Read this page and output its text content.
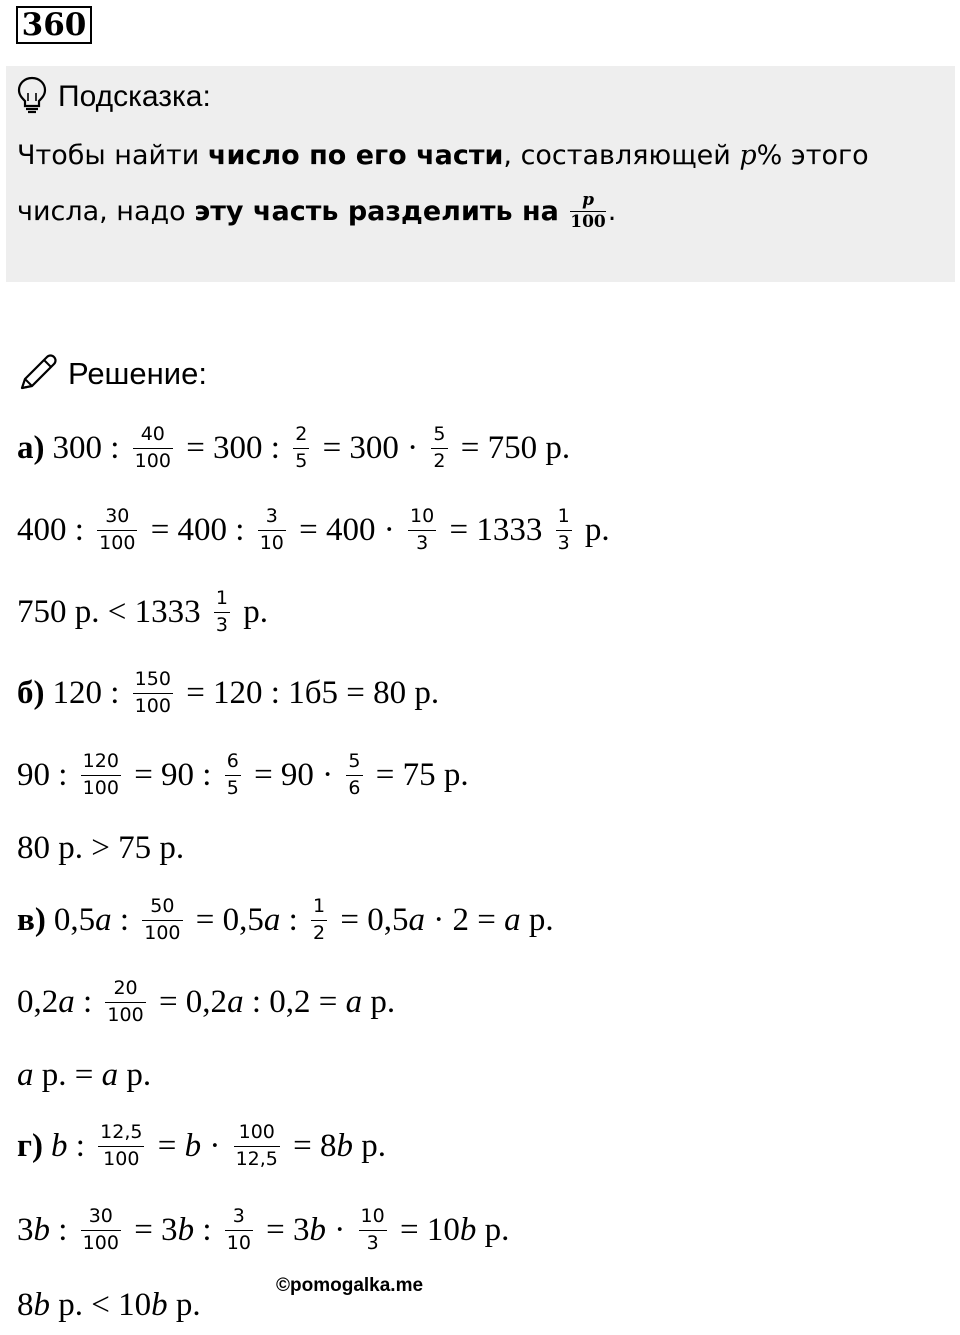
360
Подсказка:
Чтобы найти число по его части, составляющей p% этого
числа, надо эту часть разделить на p
100 .
Решение:
а) 300 : $\frac{40}{100} = 300$ : $\frac{2}{5} = 300 \cdot \frac{5}{2} = 750$ р.
400 : $\frac{30}{100} = 400$ : $\frac{3}{10} = 400 \cdot \frac{10}{3} = 1333 \frac{1}{3} р$.
750 р. < $1333 \frac{1}{3} р$.
б) 120 : $\frac{150}{100} = 120$ : 1б5 = 80 р.
90 : $\frac{120}{100} = 90$ : $\frac{6}{5} = 90 \cdot \frac{5}{6} = 75$ р.
80 р. > 75 р.
в) 0,5 a : $\frac{50}{100} = 0,5$ a : $\frac{1}{2} = 0,5$ a · 2 = a р.
0,2 a : $\frac{20}{100} = 0,2$ a : 0,2 = a р.
a р. = a р.
г) b : $\frac{12,5}{100} = b \cdot \frac{100}{12,5} = 8$ b р.
3 b : $\frac{30}{100} = 3$ b : $\frac{3}{10} = 3$ $b \cdot \frac{10}{3} = 10$ b р.
8 b р. < 10 b р.
©pomogalka.me
